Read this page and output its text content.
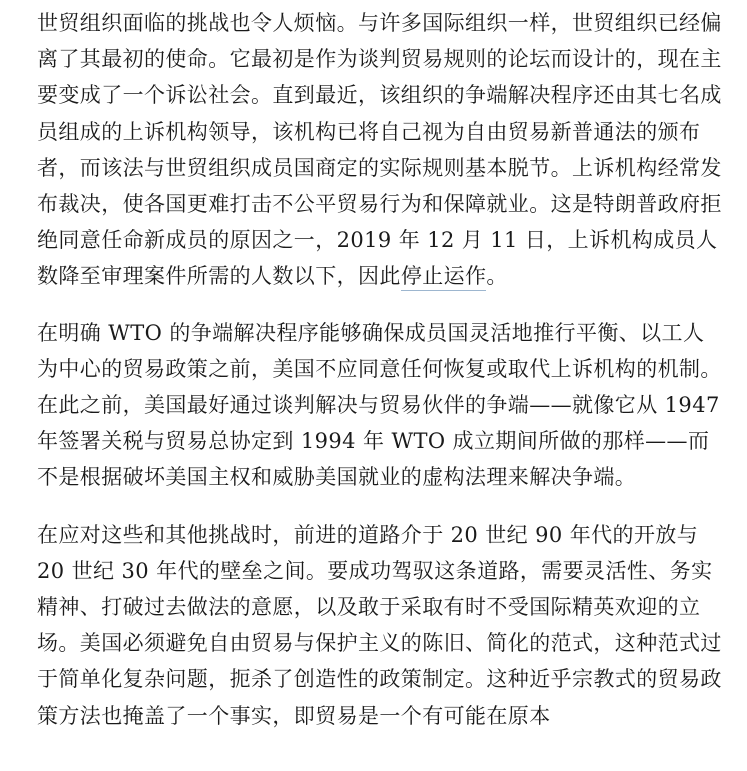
世贸组织面临的挑战也令人烦恼。与许多国际组织一样，世贸组织已经偏离了其最初的使命。它最初是作为谈判贸易规则的论坛而设计的，现在主要变成了一个诉讼社会。直到最近，该组织的争端解决程序还由其七名成员组成的上诉机构领导，该机构已将自己视为自由贸易新普通法的颁布者，而该法与世贸组织成员国商定的实际规则基本脱节。上诉机构经常发布裁决，使各国更难打击不公平贸易行为和保障就业。这是特朗普政府拒绝同意任命新成员的原因之一，2019 年 12 月 11 日，上诉机构成员人数降至审理案件所需的人数以下，因此停止运作。

在明确 WTO 的争端解决程序能够确保成员国灵活地推行平衡、以工人为中心的贸易政策之前，美国不应同意任何恢复或取代上诉机构的机制。在此之前，美国最好通过谈判解决与贸易伙伴的争端——就像它从 1947 年签署关税与贸易总协定到 1994 年 WTO 成立期间所做的那样——而不是根据破坏美国主权和威胁美国就业的虚构法理来解决争端。

在应对这些和其他挑战时，前进的道路介于 20 世纪 90 年代的开放与 20 世纪 30 年代的壁垒之间。要成功驾驭这条道路，需要灵活性、务实精神、打破过去做法的意愿，以及敢于采取有时不受国际精英欢迎的立场。美国必须避免自由贸易与保护主义的陈旧、简化的范式，这种范式过于简单化复杂问题，扼杀了创造性的政策制定。这种近乎宗教式的贸易政策方法也掩盖了一个事实，即贸易是一个有可能在原本
